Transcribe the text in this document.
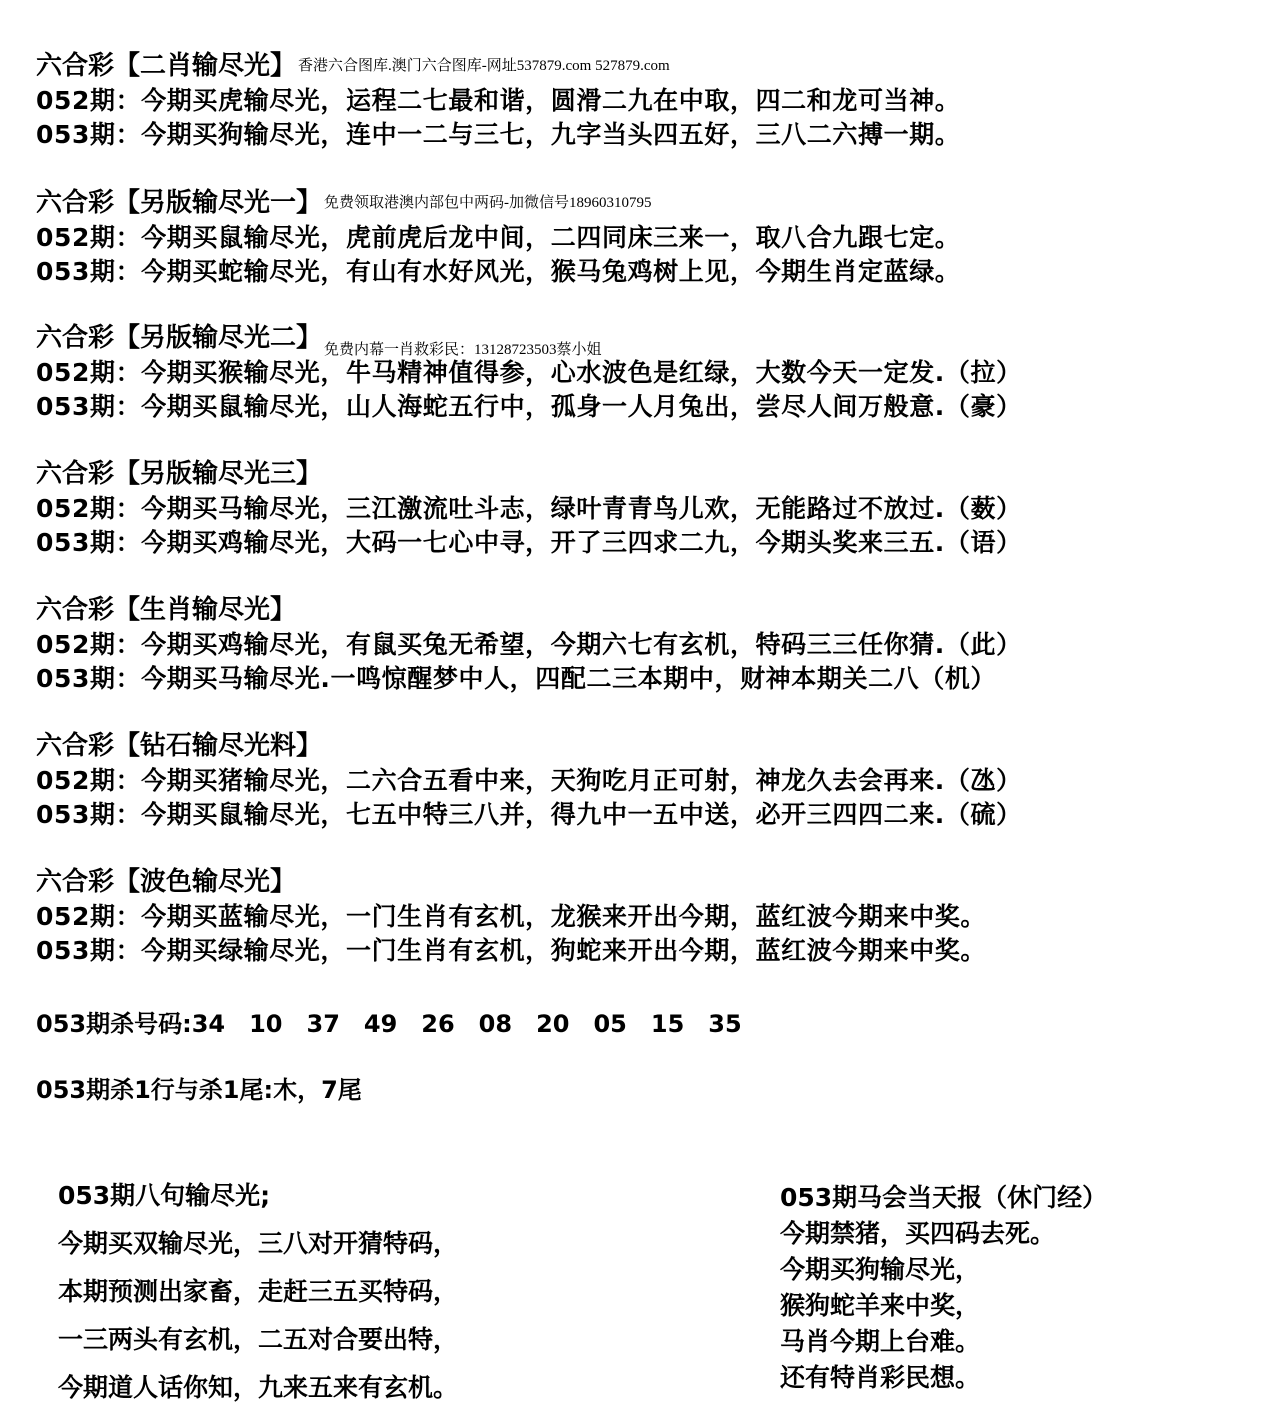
六合彩【二肖输尽光】 香港六合图库.澳门六合图库-网址537879.com 527879.com
052期：今期买虎输尽光，运程二七最和谐，圆滑二九在中取，四二和龙可当神。
053期：今期买狗输尽光，连中一二与三七，九字当头四五好，三八二六搏一期。
六合彩【另版输尽光一】 免费领取港澳内部包中两码-加微信号18960310795
052期：今期买鼠输尽光，虎前虎后龙中间，二四同床三来一，取八合九跟七定。
053期：今期买蛇输尽光，有山有水好风光，猴马兔鸡树上见，今期生肖定蓝绿。
六合彩【另版输尽光二】 $_{免费内幕一肖救彩民:13128723503蔡小姐}$
052期：今期买猴输尽光，牛马精神值得参，心水波色是红绿，大数今天一定发.（拉）
053期：今期买鼠输尽光，山人海蛇五行中，孤身一人月兔出，尝尽人间万般意.（豪）
六合彩【另版输尽光三】
052期：今期买马输尽光，三江激流吐斗志，绿叶青青鸟儿欢，无能路过不放过.（薮）
053期：今期买鸡输尽光，大码一七心中寻，开了三四求二九，今期头奖来三五.（语）
六合彩【生肖输尽光】
052期：今期买鸡输尽光，有鼠买兔无希望，今期六七有玄机，特码三三任你猜.（此）
053期：今期买马输尽光.一鸣惊醒梦中人，四配二三本期中，财神本期关二八（机）
六合彩【钻石输尽光料】
052期：今期买猪输尽光，二六合五看中来，天狗吃月正可射，神龙久去会再来.（氹）
053期：今期买鼠输尽光，七五中特三八并，得九中一五中送，必开三四四二来.（硫）
六合彩【波色输尽光】
052期：今期买蓝输尽光，一门生肖有玄机，龙猴来开出今期，蓝红波今期来中奖。
053期：今期买绿输尽光，一门生肖有玄机，狗蛇来开出今期，蓝红波今期来中奖。
053期杀号码:34　10　37　49　26　08　20　05　15　35
053期杀1行与杀1尾:木，7尾
053期八句输尽光;
今期买双输尽光，三八对开猜特码，
本期预测出家畜，走赶三五买特码，
一三两头有玄机，二五对合要出特，
今期道人话你知，九来五来有玄机。
053期马会当天报（休门经）
今期禁猪，买四码去死。
今期买狗输尽光，
猴狗蛇羊来中奖，
马肖今期上台难。
还有特肖彩民想。
